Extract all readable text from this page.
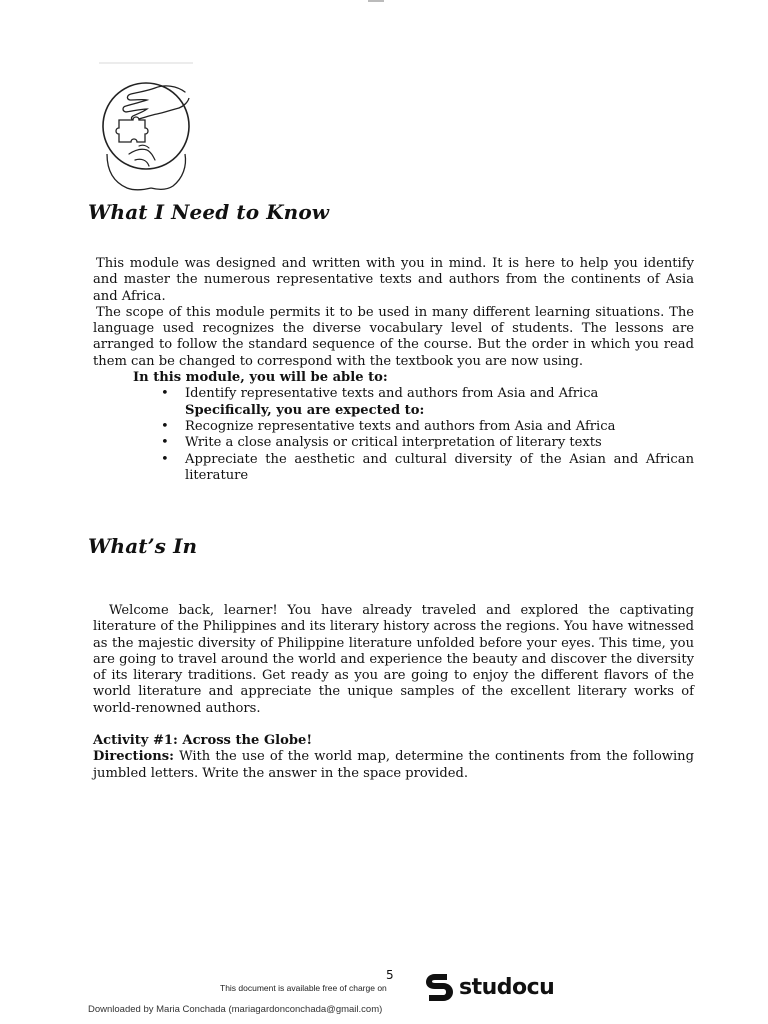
What I Need to Know

This module was designed and written with you in mind. It is here to help you identify and master the numerous representative texts and authors from the continents of Asia and Africa.

The scope of this module permits it to be used in many different learning situations. The language used recognizes the diverse vocabulary level of students. The lessons are arranged to follow the standard sequence of the course. But the order in which you read them can be changed to correspond with the textbook you are now using.

In this module, you will be able to:

• Identify representative texts and authors from Asia and Africa

Specifically, you are expected to:

• Recognize representative texts and authors from Asia and Africa
• Write a close analysis or critical interpretation of literary texts
• Appreciate the aesthetic and cultural diversity of the Asian and African literature
What’s In

Welcome back, learner! You have already traveled and explored the captivating literature of the Philippines and its literary history across the regions. You have witnessed as the majestic diversity of Philippine literature unfolded before your eyes. This time, you are going to travel around the world and experience the beauty and discover the diversity of its literary traditions. Get ready as you are going to enjoy the different flavors of the world literature and appreciate the unique samples of the excellent literary works of world-renowned authors.

Activity #1: Across the Globe!

Directions: With the use of the world map, determine the continents from the following jumbled letters. Write the answer in the space provided.

5
This document is available free of charge on	studocu
Downloaded by Maria Conchada (mariagardonconchada@gmail.com)
